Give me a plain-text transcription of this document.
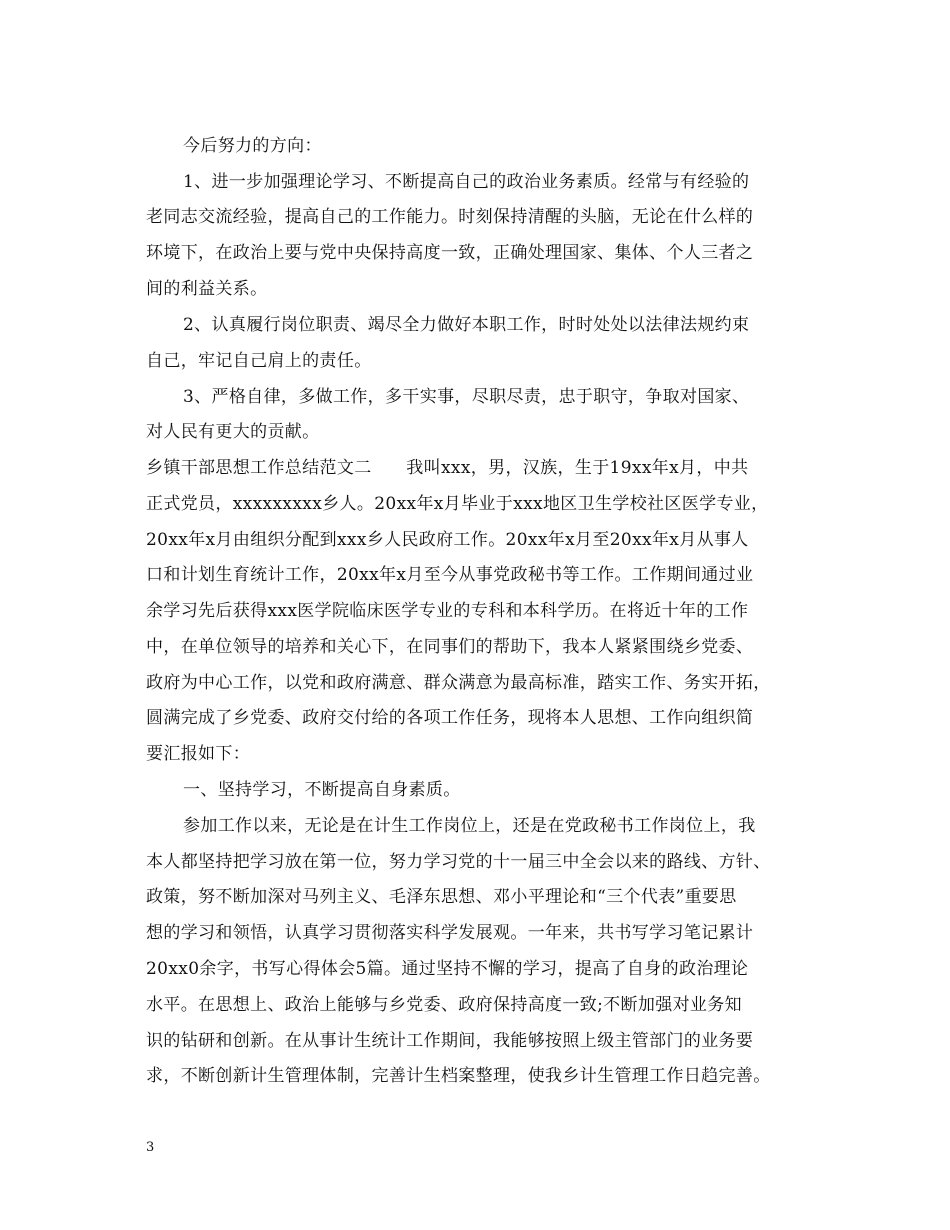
今后努力的方向：
1、进一步加强理论学习、不断提高自己的政治业务素质。经常与有经验的
老同志交流经验，提高自己的工作能力。时刻保持清醒的头脑，无论在什么样的
环境下，在政治上要与党中央保持高度一致，正确处理国家、集体、个人三者之
间的利益关系。
2、认真履行岗位职责、竭尽全力做好本职工作，时时处处以法律法规约束
自己，牢记自己肩上的责任。
3、严格自律，多做工作，多干实事，尽职尽责，忠于职守，争取对国家、
对人民有更大的贡献。
乡镇干部思想工作总结范文二　　我叫xxx，男，汉族，生于19xx年x月，中共
正式党员，xxxxxxxxx乡人。20xx年x月毕业于xxx地区卫生学校社区医学专业，
20xx年x月由组织分配到xxx乡人民政府工作。20xx年x月至20xx年x月从事人
口和计划生育统计工作，20xx年x月至今从事党政秘书等工作。工作期间通过业
余学习先后获得xxx医学院临床医学专业的专科和本科学历。在将近十年的工作
中，在单位领导的培养和关心下，在同事们的帮助下，我本人紧紧围绕乡党委、
政府为中心工作，以党和政府满意、群众满意为最高标准，踏实工作、务实开拓，
圆满完成了乡党委、政府交付给的各项工作任务，现将本人思想、工作向组织简
要汇报如下：
一、坚持学习，不断提高自身素质。
参加工作以来，无论是在计生工作岗位上，还是在党政秘书工作岗位上，我
本人都坚持把学习放在第一位，努力学习党的十一届三中全会以来的路线、方针、
政策，努不断加深对马列主义、毛泽东思想、邓小平理论和“三个代表”重要思
想的学习和领悟，认真学习贯彻落实科学发展观。一年来，共书写学习笔记累计
20xx0余字，书写心得体会5篇。通过坚持不懈的学习，提高了自身的政治理论
水平。在思想上、政治上能够与乡党委、政府保持高度一致;不断加强对业务知
识的钻研和创新。在从事计生统计工作期间，我能够按照上级主管部门的业务要
求，不断创新计生管理体制，完善计生档案整理，使我乡计生管理工作日趋完善。
3
